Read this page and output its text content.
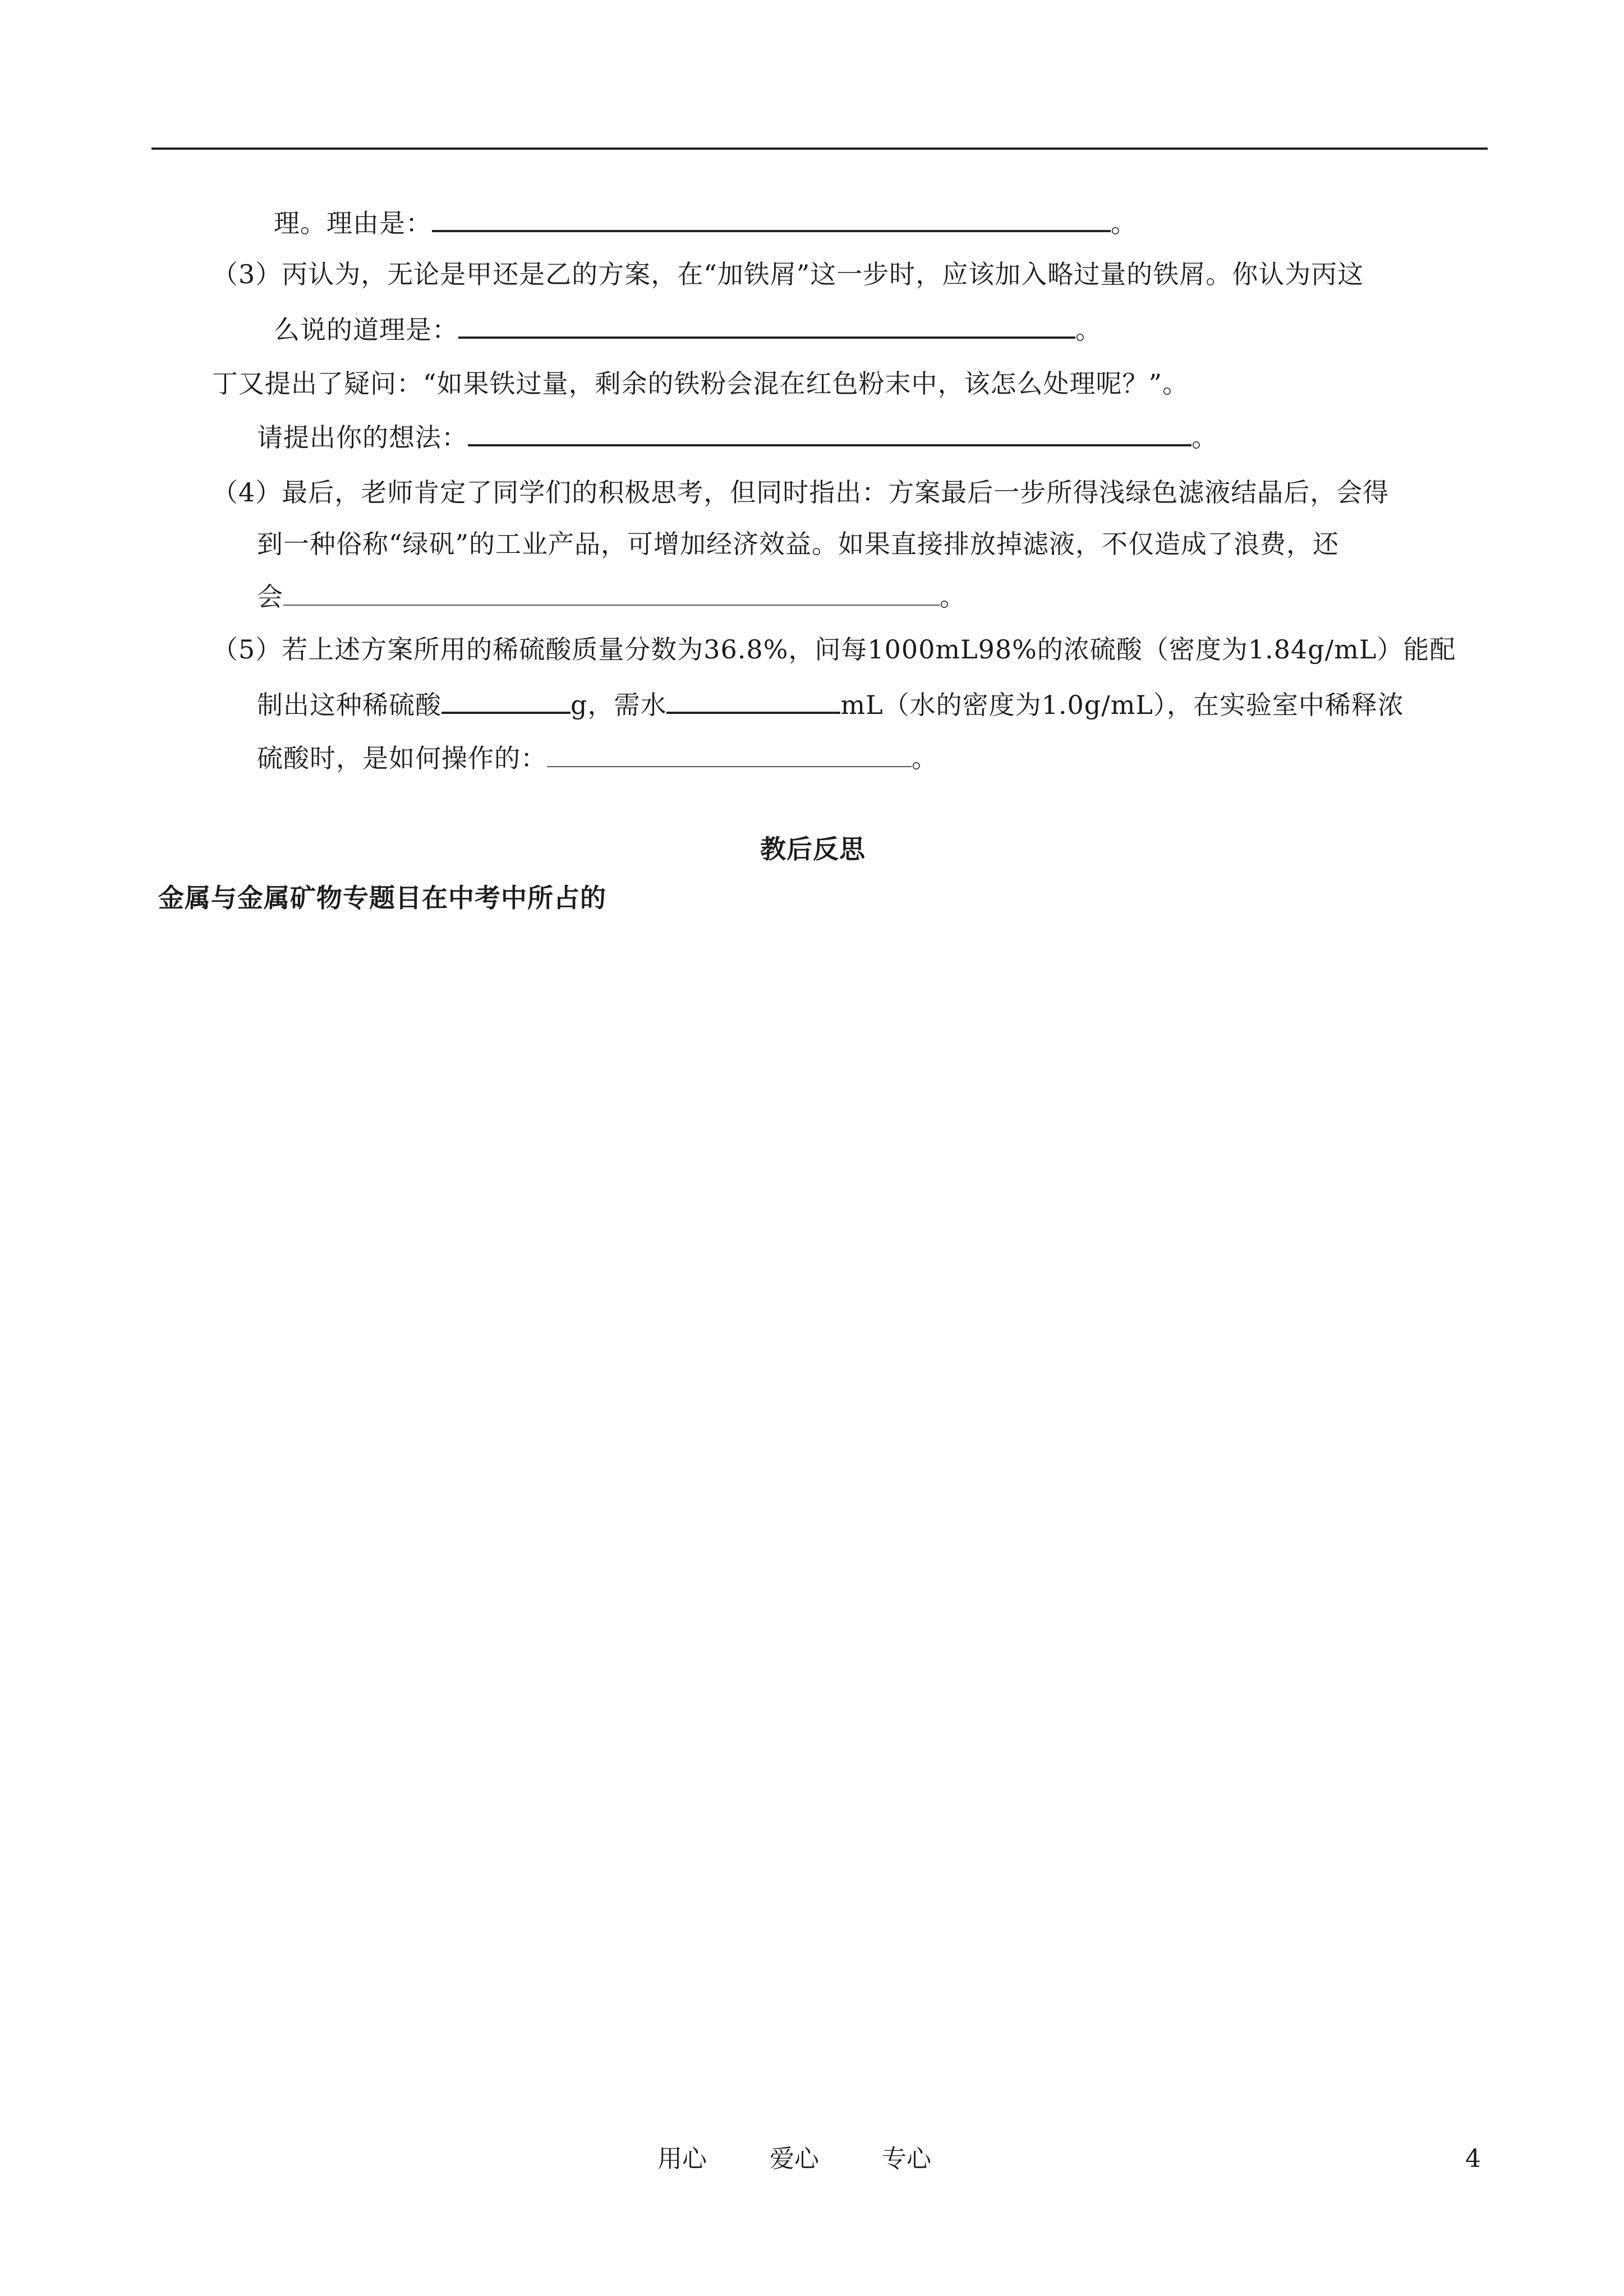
理。理由是：	。
（3）丙认为，无论是甲还是乙的方案，在“加铁屑”这一步时，应该加入略过量的铁屑。你认为丙这
么说的道理是：	。
丁又提出了疑问：“如果铁过量，剩余的铁粉会混在红色粉末中，该怎么处理呢？”。
请提出你的想法：	。
（4）最后，老师肯定了同学们的积极思考，但同时指出：方案最后一步所得浅绿色滤液结晶后，会得
到一种俗称“绿矾”的工业产品，可增加经济效益。如果直接排放掉滤液，不仅造成了浪费，还
会	。
（5）若上述方案所用的稀硫酸质量分数为36.8%，问每1000mL98%的浓硫酸（密度为1.84g/mL）能配
制出这种稀硫酸	g，需水	mL（水的密度为1.0g/mL），在实验室中稀释浓
硫酸时，是如何操作的：	。
教后反思
金属与金属矿物专题目在中考中所占的
用心	爱心	专心	4
